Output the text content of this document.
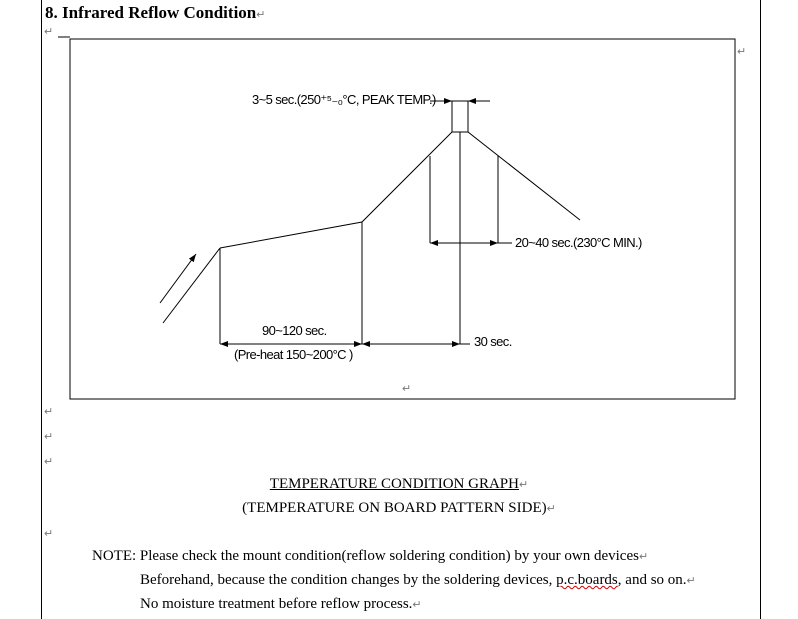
8. Infrared Reflow Condition↵
↵
↵
3~5 sec.(250⁺⁵₋₀°C, PEAK TEMP.)
20~40 sec.(230°C MIN.)
90~120 sec.
(Pre-heat 150~200°C )
30 sec.
↵
↵
↵
↵
TEMPERATURE CONDITION GRAPH↵
(TEMPERATURE ON BOARD PATTERN SIDE)↵
↵
NOTE: Please check the mount condition(reflow soldering condition) by your own devices↵
Beforehand, because the condition changes by the soldering devices, p.c.boards, and so on.↵
No moisture treatment before reflow process.↵
